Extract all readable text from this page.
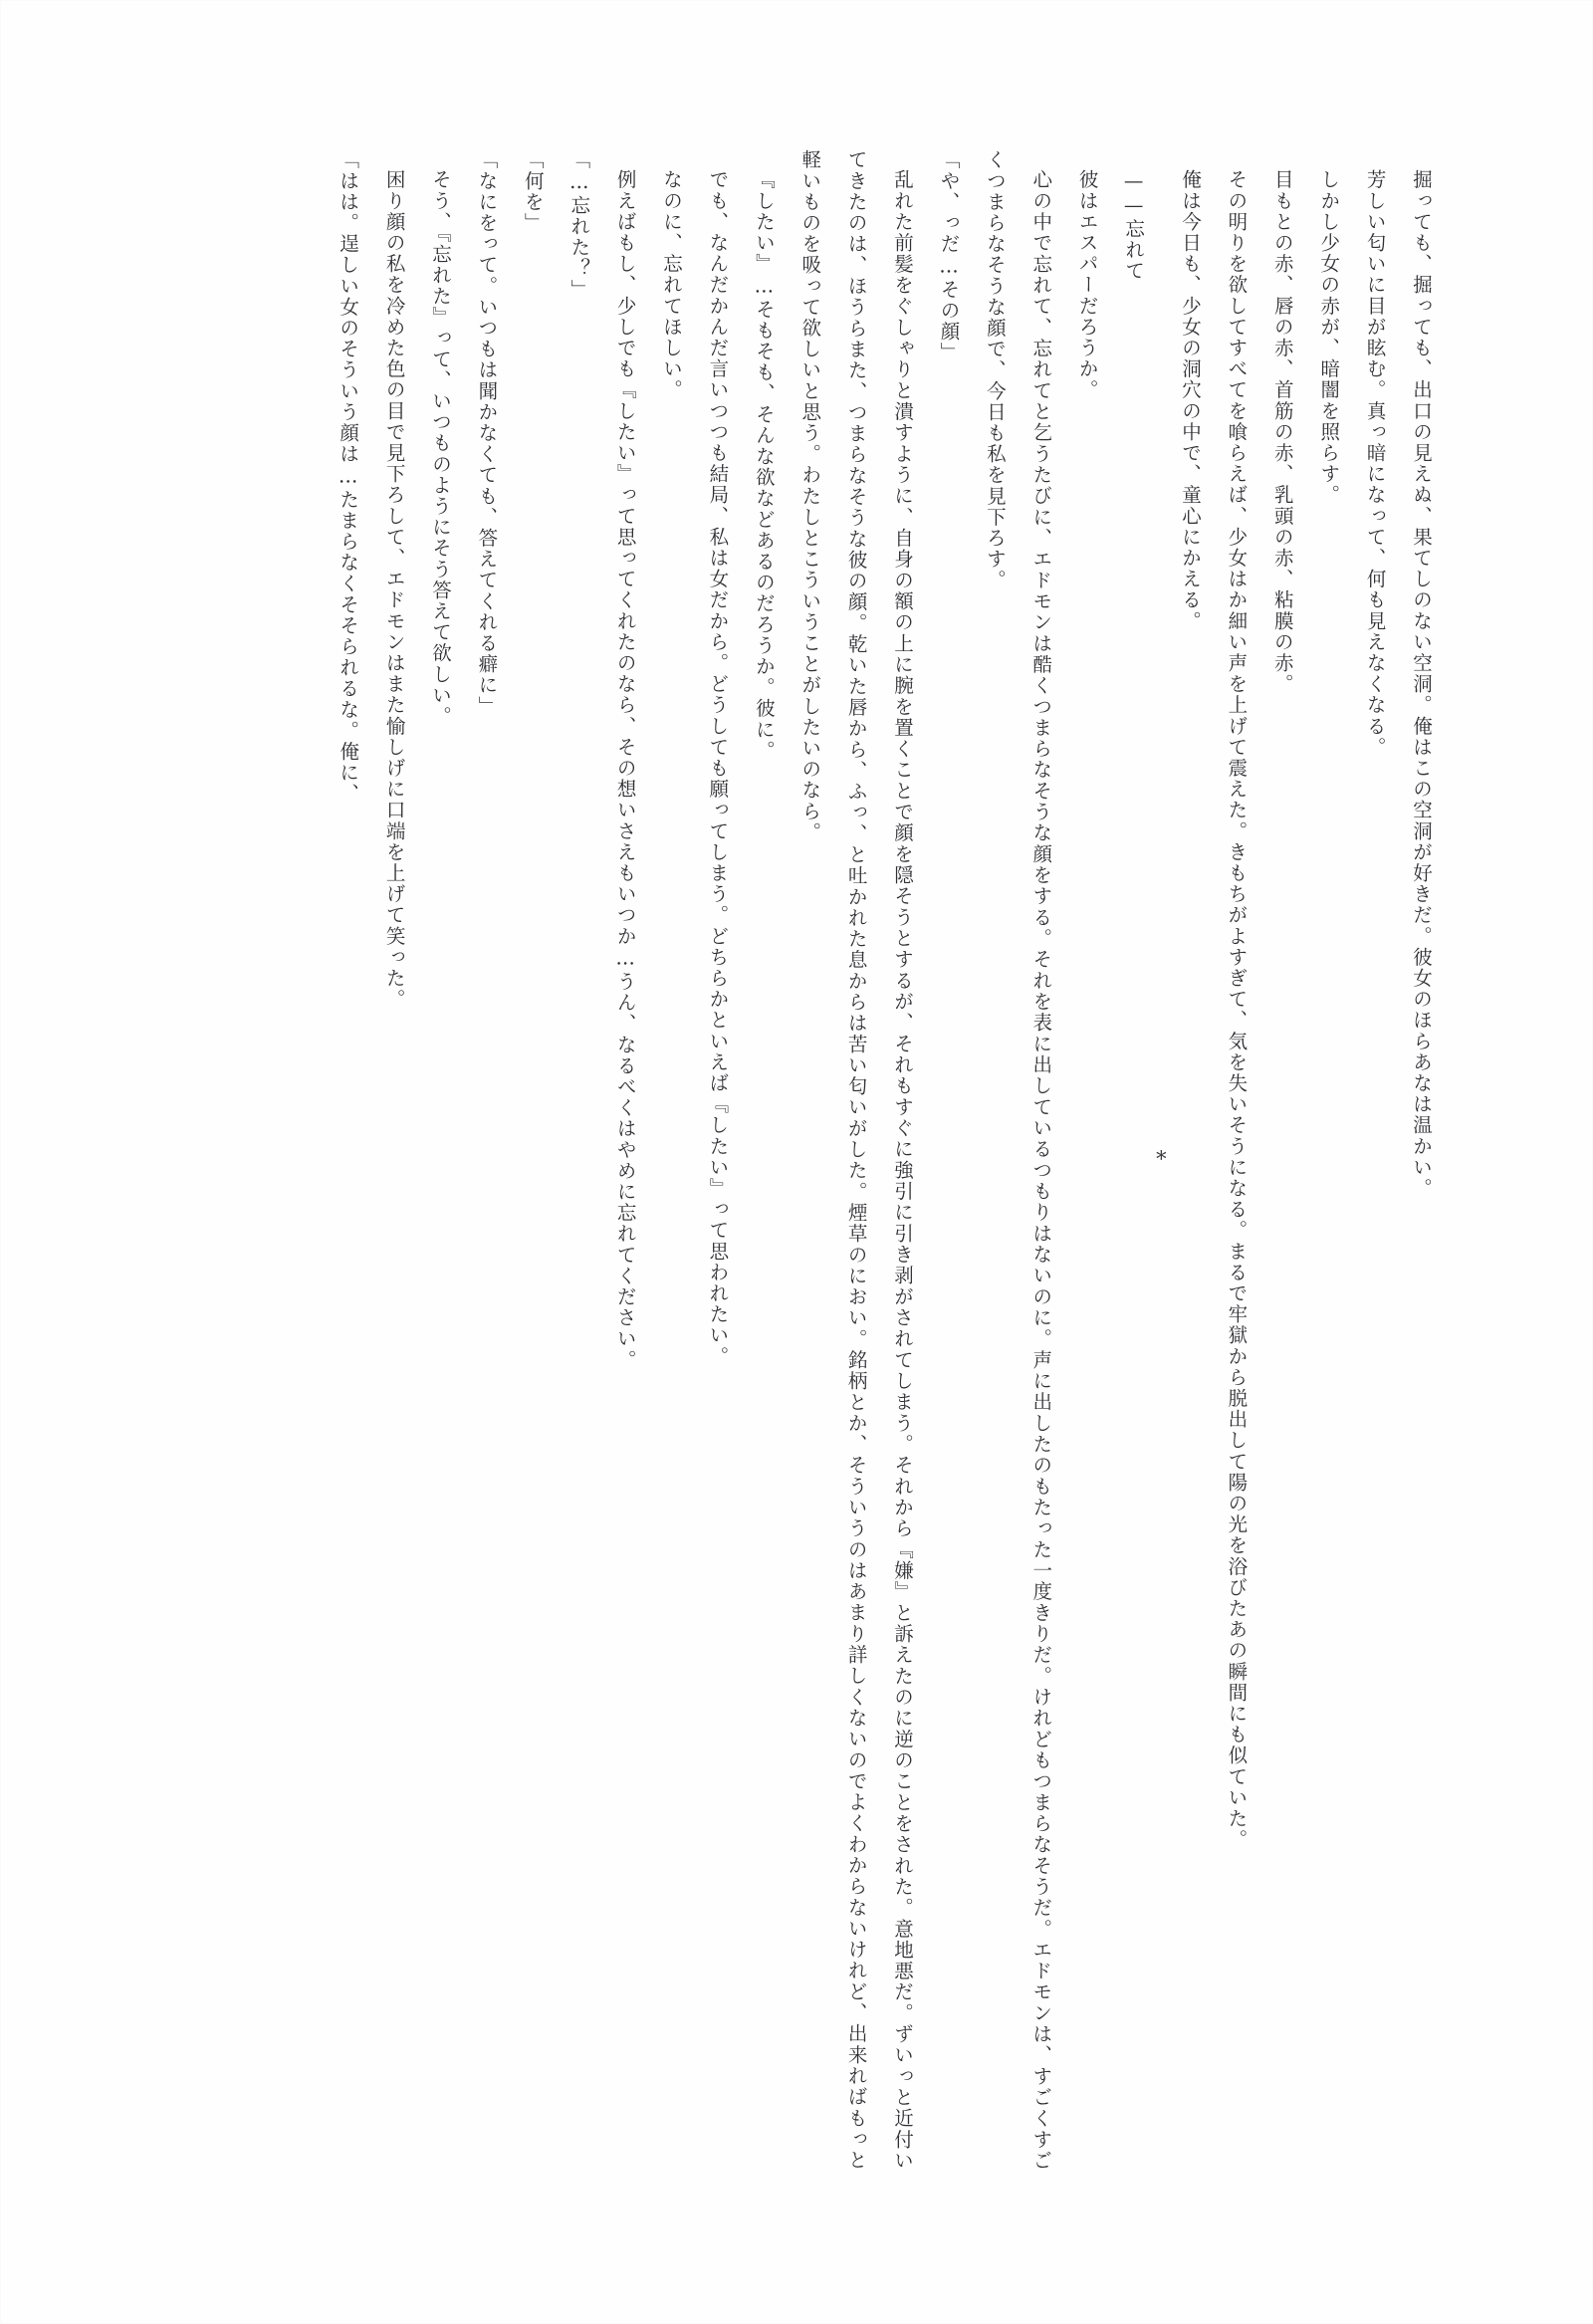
掘っても、掘っても、出口の見えぬ、果てしのない空洞。俺はこの空洞が好きだ。彼女のほらあなは温かい。

芳しい匂いに目が眩む。真っ暗になって、何も見えなくなる。

しかし少女の赤が、暗闇を照らす。

目もとの赤、唇の赤、首筋の赤、乳頭の赤、粘膜の赤。

その明りを欲してすべてを喰らえば、少女はか細い声を上げて震えた。きもちがよすぎて、気を失いそうになる。まるで牢獄から脱出して陽の光を浴びたあの瞬間にも似ていた。

俺は今日も、少女の洞穴の中で、童心にかえる。

*

——忘れて

彼はエスパーだろうか。

心の中で忘れて、忘れてと乞うたびに、エドモンは酷くつまらなそうな顔をする。それを表に出しているつもりはないのに。声に出したのもたった一度きりだ。けれどもつまらなそうだ。エドモンは、すごくすごくつまらなそうな顔で、今日も私を見下ろす。

「や、っだ…その顔」

乱れた前髪をぐしゃりと潰すように、自身の額の上に腕を置くことで顔を隠そうとするが、それもすぐに強引に引き剥がされてしまう。それから『嫌』と訴えたのに逆のことをされた。意地悪だ。ずいっと近付いてきたのは、ほうらまた、つまらなそうな彼の顔。乾いた唇から、ふっ、と吐かれた息からは苦い匂いがした。煙草のにおい。銘柄とか、そういうのはあまり詳しくないのでよくわからないけれど、出来ればもっと軽いものを吸って欲しいと思う。わたしとこういうことがしたいのなら。

『したい』…そもそも、そんな欲などあるのだろうか。彼に。

でも、なんだかんだ言いつつも結局、私は女だから。どうしても願ってしまう。どちらかといえば『したい』って思われたい。

なのに、忘れてほしい。

例えばもし、少しでも『したい』って思ってくれたのなら、その想いさえもいつか…うん、なるべくはやめに忘れてください。

「…忘れた？」

「何を」

「なにをって。いつもは聞かなくても、答えてくれる癖に」

そう、『忘れた』って、いつものようにそう答えて欲しい。

困り顔の私を冷めた色の目で見下ろして、エドモンはまた愉しげに口端を上げて笑った。

「はは。逞しい女のそういう顔は…たまらなくそそられるな。俺に、
